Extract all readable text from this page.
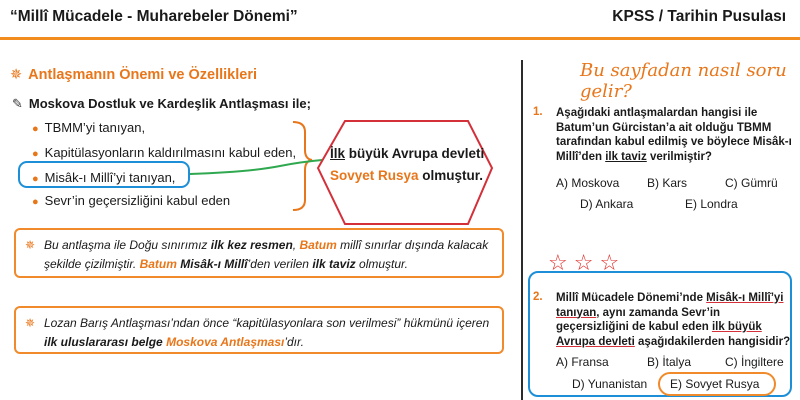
“Millî Mücadele - Muharebeler Dönemi”	KPSS / Tarihin Pusulası
✵ Antlaşmanın Önemi ve Özellikleri
✎ Moskova Dostluk ve Kardeşlik Antlaşması ile;
● TBMM’yi tanıyan,
● Kapitülasyonların kaldırılmasını kabul eden,
● Misâk-ı Millî’yi tanıyan,
● Sevr’in geçersizliğini kabul eden
İlk büyük Avrupa devleti
Sovyet Rusya olmuştur.
✵ Bu antlaşma ile Doğu sınırımız ilk kez resmen, Batum millî sınırlar dışında kalacak şekilde çizilmiştir. Batum Misâk-ı Millî’den verilen ilk taviz olmuştur.
✵ Lozan Barış Antlaşması’ndan önce “kapitülasyonlara son verilmesi” hükmünü içeren ilk uluslararası belge Moskova Antlaşması’dır.
Bu sayfadan nasıl soru gelir?
1. Aşağıdaki antlaşmalardan hangisi ile Batum’un Gürcistan’a ait olduğu TBMM tarafından kabul edilmiş ve böylece Misâk-ı Millî’den ilk taviz verilmiştir?
A) Moskova B) Kars	C) Gümrü
D) Ankara	E) Londra
☆☆☆
2. Millî Mücadele Dönemi’nde Misâk-ı Millî’yi tanıyan, aynı zamanda Sevr’in geçersizliğini de kabul eden ilk büyük Avrupa devleti aşağıdakilerden hangisidir?
A) Fransa	B) İtalya	C) İngiltere
D) Yunanistan E) Sovyet Rusya
